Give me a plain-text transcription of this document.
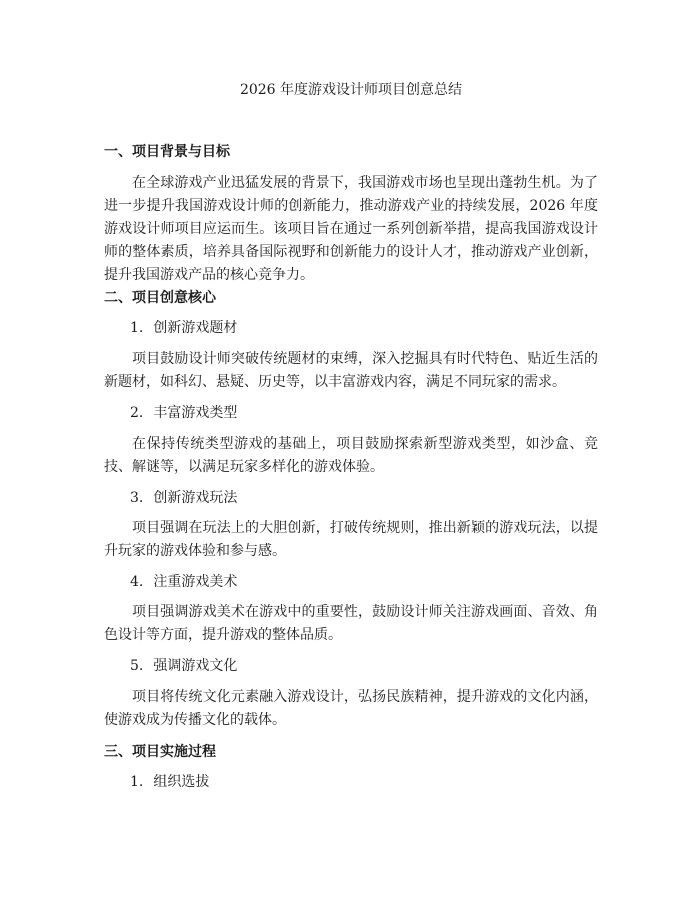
2026 年度游戏设计师项目创意总结
一、项目背景与目标

在全球游戏产业迅猛发展的背景下，我国游戏市场也呈现出蓬勃生机。为了进一步提升我国游戏设计师的创新能力，推动游戏产业的持续发展，2026 年度游戏设计师项目应运而生。该项目旨在通过一系列创新举措，提高我国游戏设计师的整体素质，培养具备国际视野和创新能力的设计人才，推动游戏产业创新，提升我国游戏产品的核心竞争力。

二、项目创意核心
1. 创新游戏题材

项目鼓励设计师突破传统题材的束缚，深入挖掘具有时代特色、贴近生活的新题材，如科幻、悬疑、历史等，以丰富游戏内容，满足不同玩家的需求。

2. 丰富游戏类型

在保持传统类型游戏的基础上，项目鼓励探索新型游戏类型，如沙盒、竞技、解谜等，以满足玩家多样化的游戏体验。

3. 创新游戏玩法

项目强调在玩法上的大胆创新，打破传统规则，推出新颖的游戏玩法，以提升玩家的游戏体验和参与感。

4. 注重游戏美术

项目强调游戏美术在游戏中的重要性，鼓励设计师关注游戏画面、音效、角色设计等方面，提升游戏的整体品质。

5. 强调游戏文化

项目将传统文化元素融入游戏设计，弘扬民族精神，提升游戏的文化内涵，使游戏成为传播文化的载体。

三、项目实施过程
1. 组织选拔
